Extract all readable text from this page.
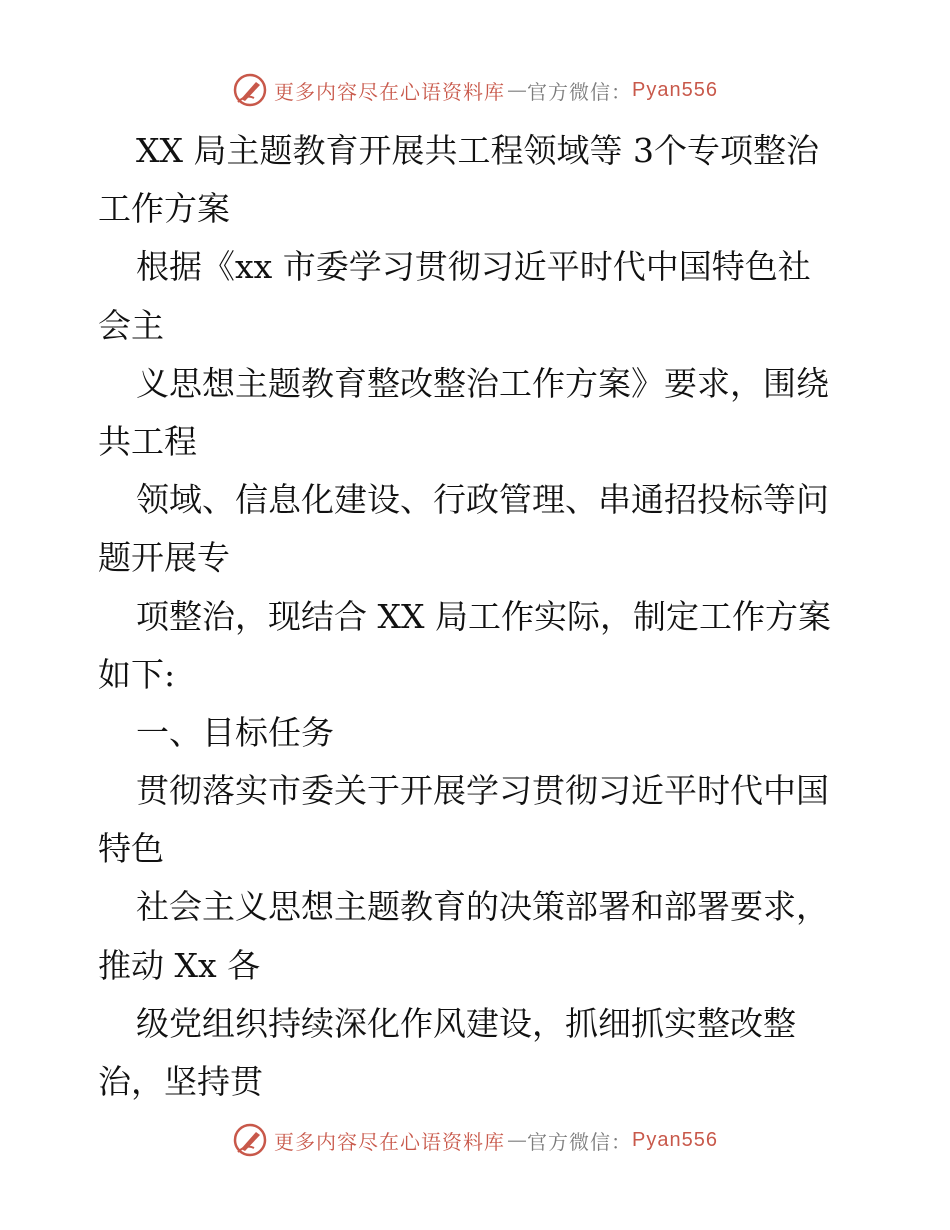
更多内容尽在心语资料库 — 官方微信： Pyan556
XX 局主题教育开展共工程领域等 3个专项整治
工作方案
根据《xx 市委学习贯彻习近平时代中国特色社
会主
义思想主题教育整改整治工作方案》要求，围绕
共工程
领域、信息化建设、行政管理、串通招投标等问
题开展专
项整治，现结合 XX 局工作实际，制定工作方案
如下:
一、目标任务
贯彻落实市委关于开展学习贯彻习近平时代中国
特色
社会主义思想主题教育的决策部署和部署要求，
推动 Xx 各
级党组织持续深化作风建设，抓细抓实整改整
治，坚持贯
更多内容尽在心语资料库 — 官方微信： Pyan556
